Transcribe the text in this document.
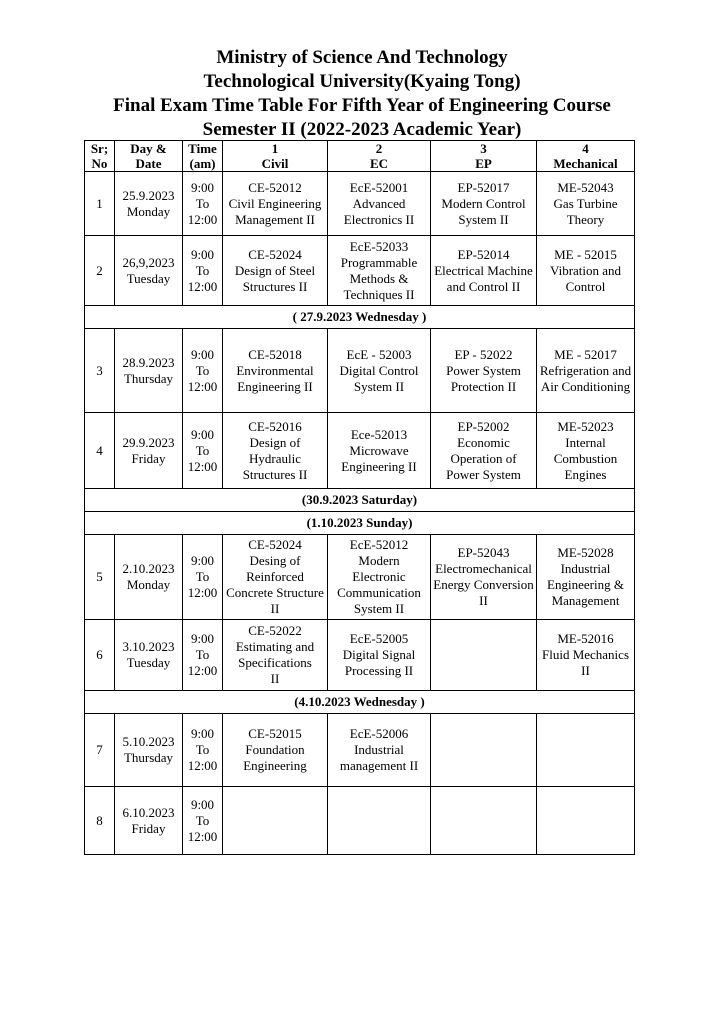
Ministry of Science And Technology
Technological University(Kyaing Tong)
Final Exam Time Table For Fifth Year of Engineering Course
Semester II (2022-2023 Academic Year)
Sr;
No	Day &
Date	Time
(am)	1	2	3	4
			Civil	EC	EP	Mechanical
1	25.9.2023
Monday	9:00
To
12:00	CE-52012
Civil Engineering
Management II	EcE-52001
Advanced
Electronics II	EP-52017
Modern Control
System II	ME-52043
Gas Turbine
Theory
2	26,9,2023
Tuesday	9:00
To
12:00	CE-52024
Design of Steel
Structures II	EcE-52033
Programmable
Methods &
Techniques II	EP-52014
Electrical Machine
and Control II	ME - 52015
Vibration and
Control
( 27.9.2023 Wednesday )						
3	28.9.2023
Thursday	9:00
To
12:00	CE-52018
Environmental
Engineering II	EcE - 52003
Digital Control
System II	EP - 52022
Power System
Protection II	ME - 52017
Refrigeration and
Air Conditioning
4	29.9.2023
Friday	9:00
To
12:00	CE-52016
Design of
Hydraulic
Structures II	Ece-52013
Microwave
Engineering II	EP-52002
Economic
Operation of
Power System	ME-52023
Internal
Combustion
Engines
(30.9.2023 Saturday)						
(1.10.2023 Sunday)						
5	2.10.2023
Monday	9:00
To
12:00	CE-52024
Desing of
Reinforced
Concrete Structure
II	EcE-52012
Modern
Electronic
Communication
System II	EP-52043
Electromechanical
Energy Conversion
II	ME-52028
Industrial
Engineering &
Management
6	3.10.2023
Tuesday	9:00
To
12:00	CE-52022
Estimating and
Specifications
II	EcE-52005
Digital Signal
Processing II		ME-52016
Fluid Mechanics
II
(4.10.2023 Wednesday )						
7	5.10.2023
Thursday	9:00
To
12:00	CE-52015
Foundation
Engineering	EcE-52006
Industrial
management II		
8	6.10.2023
Friday	9:00
To
12:00				
